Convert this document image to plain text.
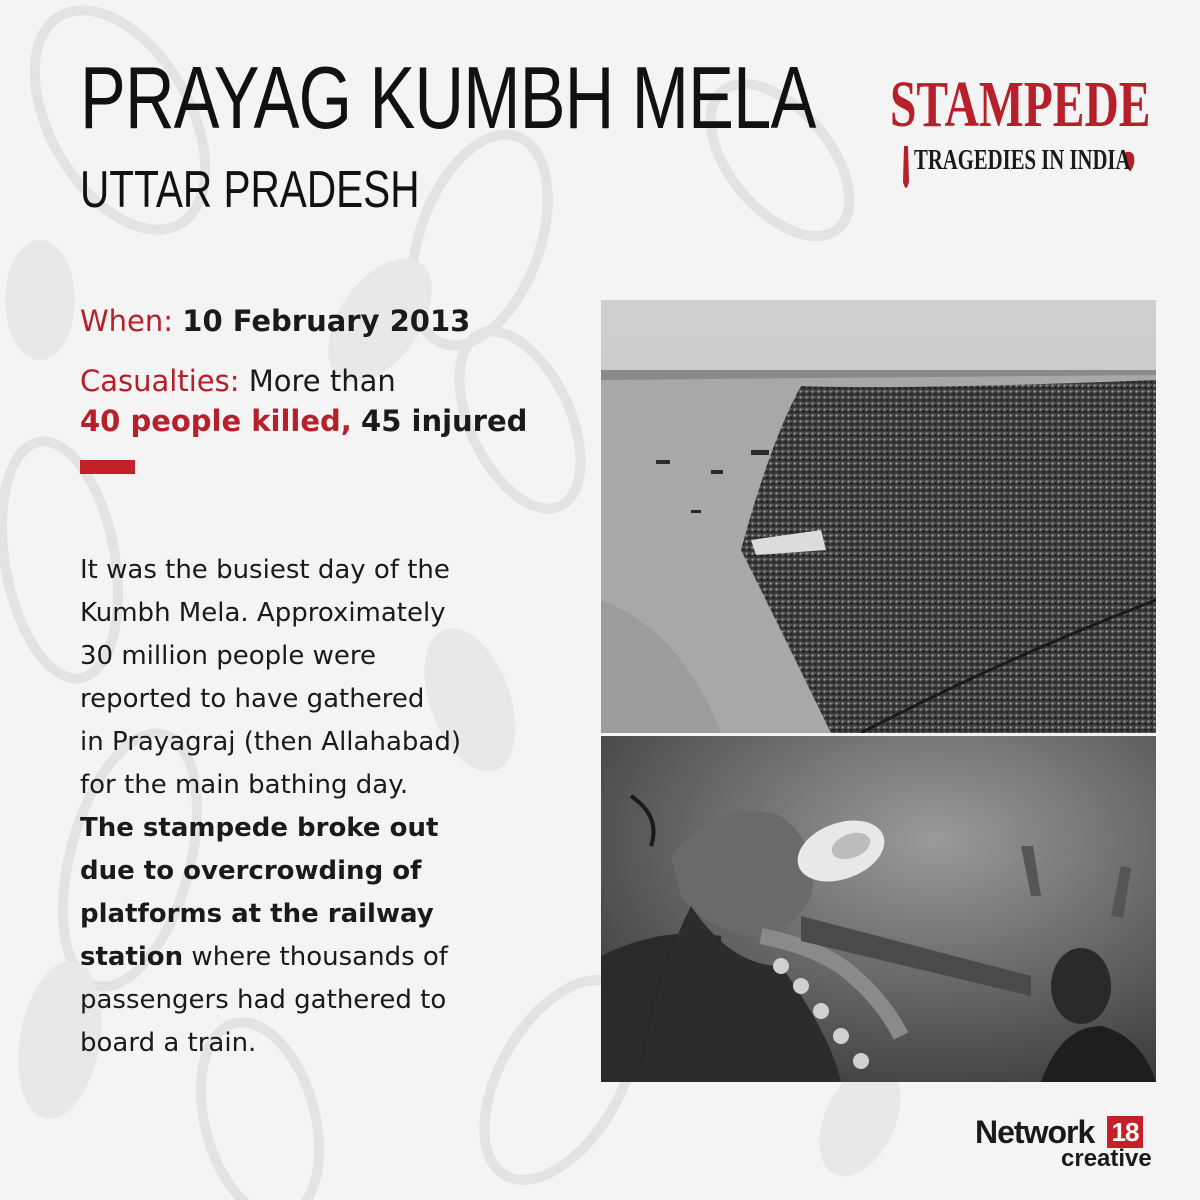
PRAYAG KUMBH MELA
UTTAR PRADESH
STAMPEDE
TRAGEDIES IN INDIA
When: 10 February 2013
Casualties: More than
40 people killed, 45 injured
It was the busiest day of the
Kumbh Mela. Approximately
30 million people were
reported to have gathered
in Prayagraj (then Allahabad)
for the main bathing day.
The stampede broke out
due to overcrowding of
platforms at the railway
station where thousands of
passengers had gathered to
board a train.
Network 18
creative
